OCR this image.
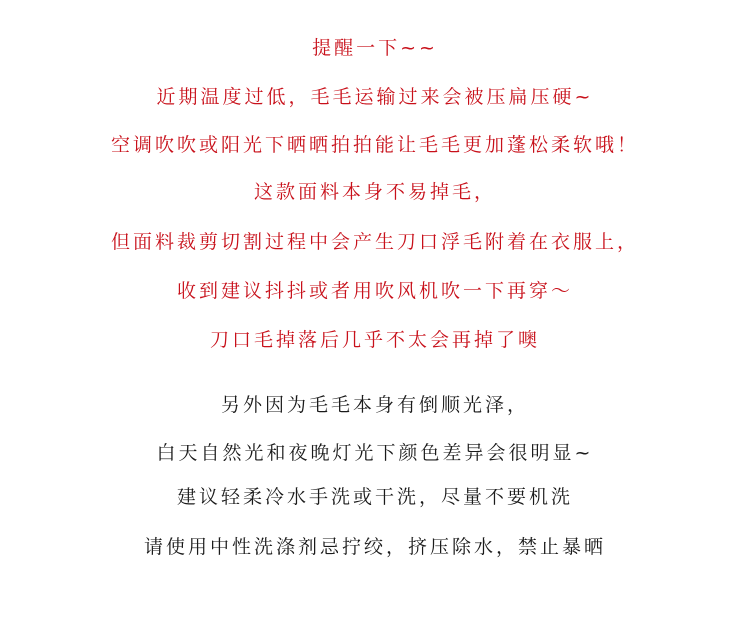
提醒一下~~
近期温度过低，毛毛运输过来会被压扁压硬~
空调吹吹或阳光下晒晒拍拍能让毛毛更加蓬松柔软哦！
这款面料本身不易掉毛，
但面料裁剪切割过程中会产生刀口浮毛附着在衣服上，
收到建议抖抖或者用吹风机吹一下再穿～
刀口毛掉落后几乎不太会再掉了噢
另外因为毛毛本身有倒顺光泽，
白天自然光和夜晚灯光下颜色差异会很明显~
建议轻柔冷水手洗或干洗，尽量不要机洗
请使用中性洗涤剂忌拧绞，挤压除水，禁止暴晒
